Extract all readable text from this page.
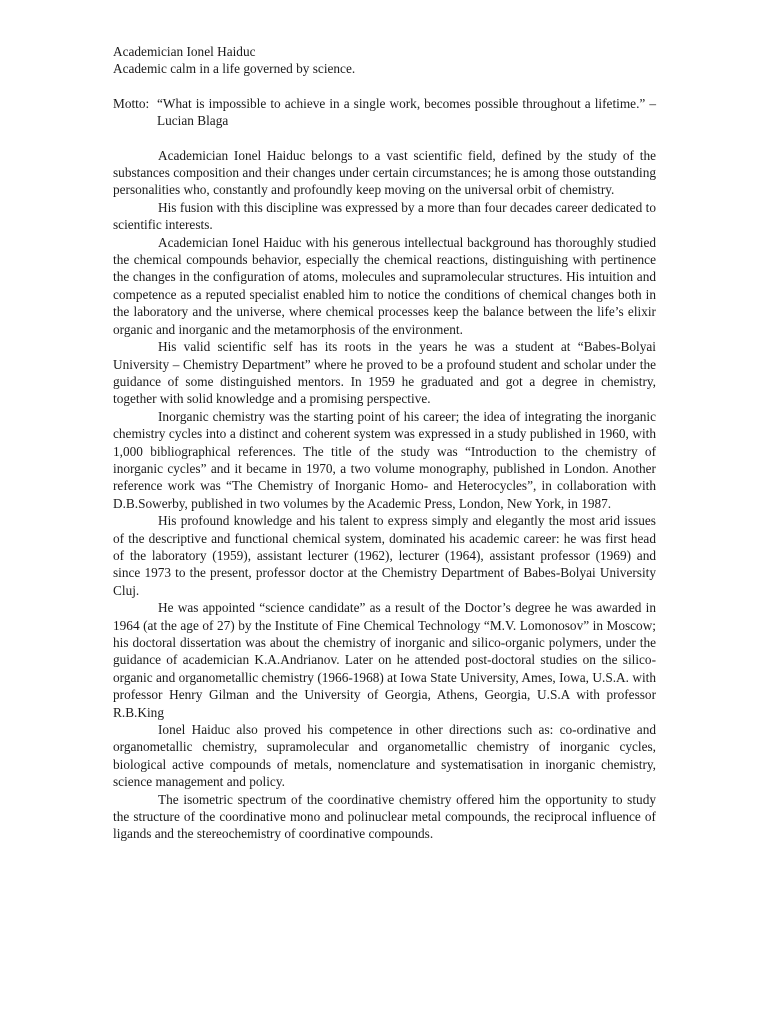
Academician Ionel Haiduc
Academic calm in a life governed by science.
Motto: “What is impossible to achieve in a single work, becomes possible throughout a lifetime.” – Lucian Blaga

Academician Ionel Haiduc belongs to a vast scientific field, defined by the study of the substances composition and their changes under certain circumstances; he is among those outstanding personalities who, constantly and profoundly keep moving on the universal orbit of chemistry.

His fusion with this discipline was expressed by a more than four decades career dedicated to scientific interests.

Academician Ionel Haiduc with his generous intellectual background has thoroughly studied the chemical compounds behavior, especially the chemical reactions, distinguishing with pertinence the changes in the configuration of atoms, molecules and supramolecular structures. His intuition and competence as a reputed specialist enabled him to notice the conditions of chemical changes both in the laboratory and the universe, where chemical processes keep the balance between the life’s elixir organic and inorganic and the metamorphosis of the environment.

His valid scientific self has its roots in the years he was a student at “Babes-Bolyai University – Chemistry Department” where he proved to be a profound student and scholar under the guidance of some distinguished mentors. In 1959 he graduated and got a degree in chemistry, together with solid knowledge and a promising perspective.

Inorganic chemistry was the starting point of his career; the idea of integrating the inorganic chemistry cycles into a distinct and coherent system was expressed in a study published in 1960, with 1,000 bibliographical references. The title of the study was “Introduction to the chemistry of inorganic cycles” and it became in 1970, a two volume monography, published in London. Another reference work was “The Chemistry of Inorganic Homo- and Heterocycles”, in collaboration with D.B.Sowerby, published in two volumes by the Academic Press, London, New York, in 1987.

His profound knowledge and his talent to express simply and elegantly the most arid issues of the descriptive and functional chemical system, dominated his academic career: he was first head of the laboratory (1959), assistant lecturer (1962), lecturer (1964), assistant professor (1969) and since 1973 to the present, professor doctor at the Chemistry Department of Babes-Bolyai University Cluj.

He was appointed “science candidate” as a result of the Doctor’s degree he was awarded in 1964 (at the age of 27) by the Institute of Fine Chemical Technology “M.V. Lomonosov” in Moscow; his doctoral dissertation was about the chemistry of inorganic and silico-organic polymers, under the guidance of academician K.A.Andrianov. Later on he attended post-doctoral studies on the silico-organic and organometallic chemistry (1966-1968) at Iowa State University, Ames, Iowa, U.S.A. with professor Henry Gilman and the University of Georgia, Athens, Georgia, U.S.A with professor R.B.King

Ionel Haiduc also proved his competence in other directions such as: co-ordinative and organometallic chemistry, supramolecular and organometallic chemistry of inorganic cycles, biological active compounds of metals, nomenclature and systematisation in inorganic chemistry, science management and policy.

The isometric spectrum of the coordinative chemistry offered him the opportunity to study the structure of the coordinative mono and polinuclear metal compounds, the reciprocal influence of ligands and the stereochemistry of coordinative compounds.
